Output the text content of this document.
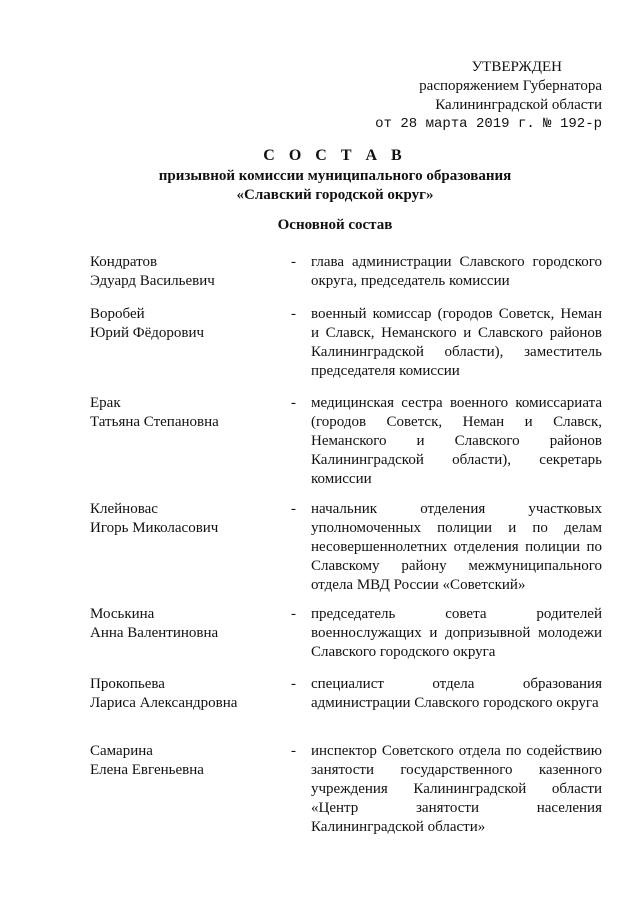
УТВЕРЖДЕН
распоряжением Губернатора
Калининградской области
от 28 марта 2019 г. № 192-р
С О С Т А В
призывной комиссии муниципального образования
«Славский городской округ»
Основной состав
Кондратов
Эдуард Васильевич
- глава администрации Славского городского округа, председатель комиссии
Воробей
Юрий Фёдорович
- военный комиссар (городов Советск, Неман и Славск, Неманского и Славского районов Калининградской области), заместитель председателя комиссии
Ерак
Татьяна Степановна
- медицинская сестра военного комиссариата (городов Советск, Неман и Славск, Неманского и Славского районов Калининградской области), секретарь комиссии
Клейновас
Игорь Миколасович
- начальник отделения участковых уполномоченных полиции и по делам несовершеннолетних отделения полиции по Славскому району межмуниципального отдела МВД России «Советский»
Моськина
Анна Валентиновна
- председатель совета родителей военнослужащих и допризывной молодежи Славского городского округа
Прокопьева
Лариса Александровна
- специалист отдела образования администрации Славского городского округа
Самарина
Елена Евгеньевна
- инспектор Советского отдела по содействию занятости государственного казенного учреждения Калининградской области «Центр занятости населения Калининградской области»
